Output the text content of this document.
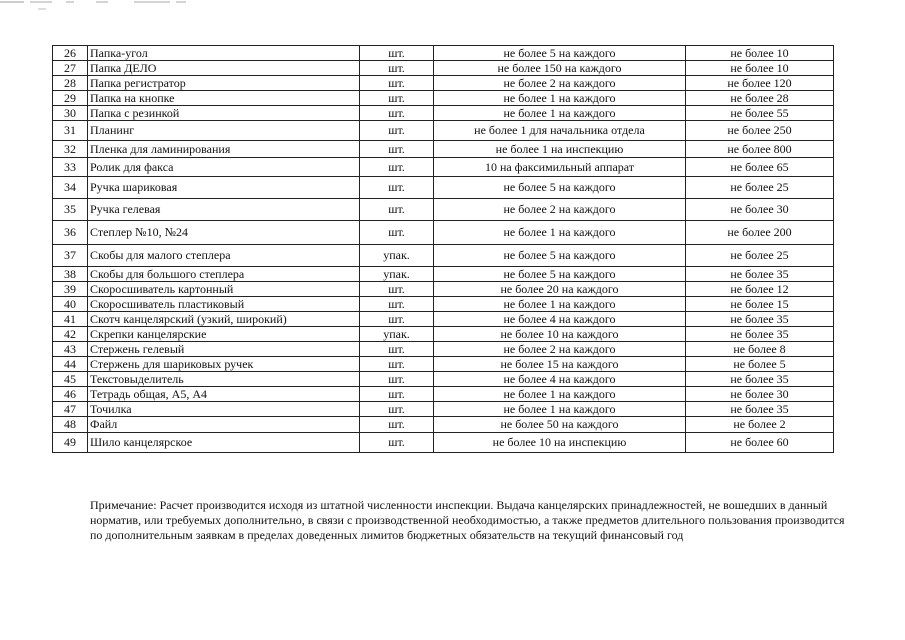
26	Папка-угол	шт.	не более 5 на каждого	не более 10
27	Папка ДЕЛО	шт.	не более 150 на каждого	не более 10
28	Папка регистратор	шт.	не более 2 на каждого	не более 120
29	Папка на кнопке	шт.	не более 1 на каждого	не более 28
30	Папка с резинкой	шт.	не более 1 на каждого	не более 55
31	Планинг	шт.	не более 1 для начальника отдела	не более 250
32	Пленка для ламинирования	шт.	не более 1 на инспекцию	не более 800
33	Ролик для факса	шт.	10 на факсимильный аппарат	не более 65
34	Ручка шариковая	шт.	не более 5 на каждого	не более 25
35	Ручка гелевая	шт.	не более 2 на каждого	не более 30
36	Степлер №10, №24	шт.	не более 1 на каждого	не более 200
37	Скобы для малого степлера	упак.	не более 5 на каждого	не более 25
38	Скобы для большого степлера	упак.	не более 5 на каждого	не более 35
39	Скоросшиватель картонный	шт.	не более 20 на каждого	не более 12
40	Скоросшиватель пластиковый	шт.	не более 1 на каждого	не более 15
41	Скотч канцелярский (узкий, широкий)	шт.	не более 4 на каждого	не более 35
42	Скрепки канцелярские	упак.	не более 10 на каждого	не более 35
43	Стержень гелевый	шт.	не более 2 на каждого	не более 8
44	Стержень для шариковых ручек	шт.	не более 15 на каждого	не более 5
45	Текстовыделитель	шт.	не более 4 на каждого	не более 35
46	Тетрадь общая, А5, А4	шт.	не более 1 на каждого	не более 30
47	Точилка	шт.	не более 1 на каждого	не более 35
48	Файл	шт.	не более 50 на каждого	не более 2
49	Шило канцелярское	шт.	не более 10 на инспекцию	не более 60

Примечание: Расчет производится исходя из штатной численности инспекции. Выдача канцелярских принадлежностей, не вошедших в данный норматив, или требуемых дополнительно, в связи с производственной необходимостью, а также предметов длительного пользования производится по дополнительным заявкам в пределах доведенных лимитов бюджетных обязательств на текущий финансовый год
